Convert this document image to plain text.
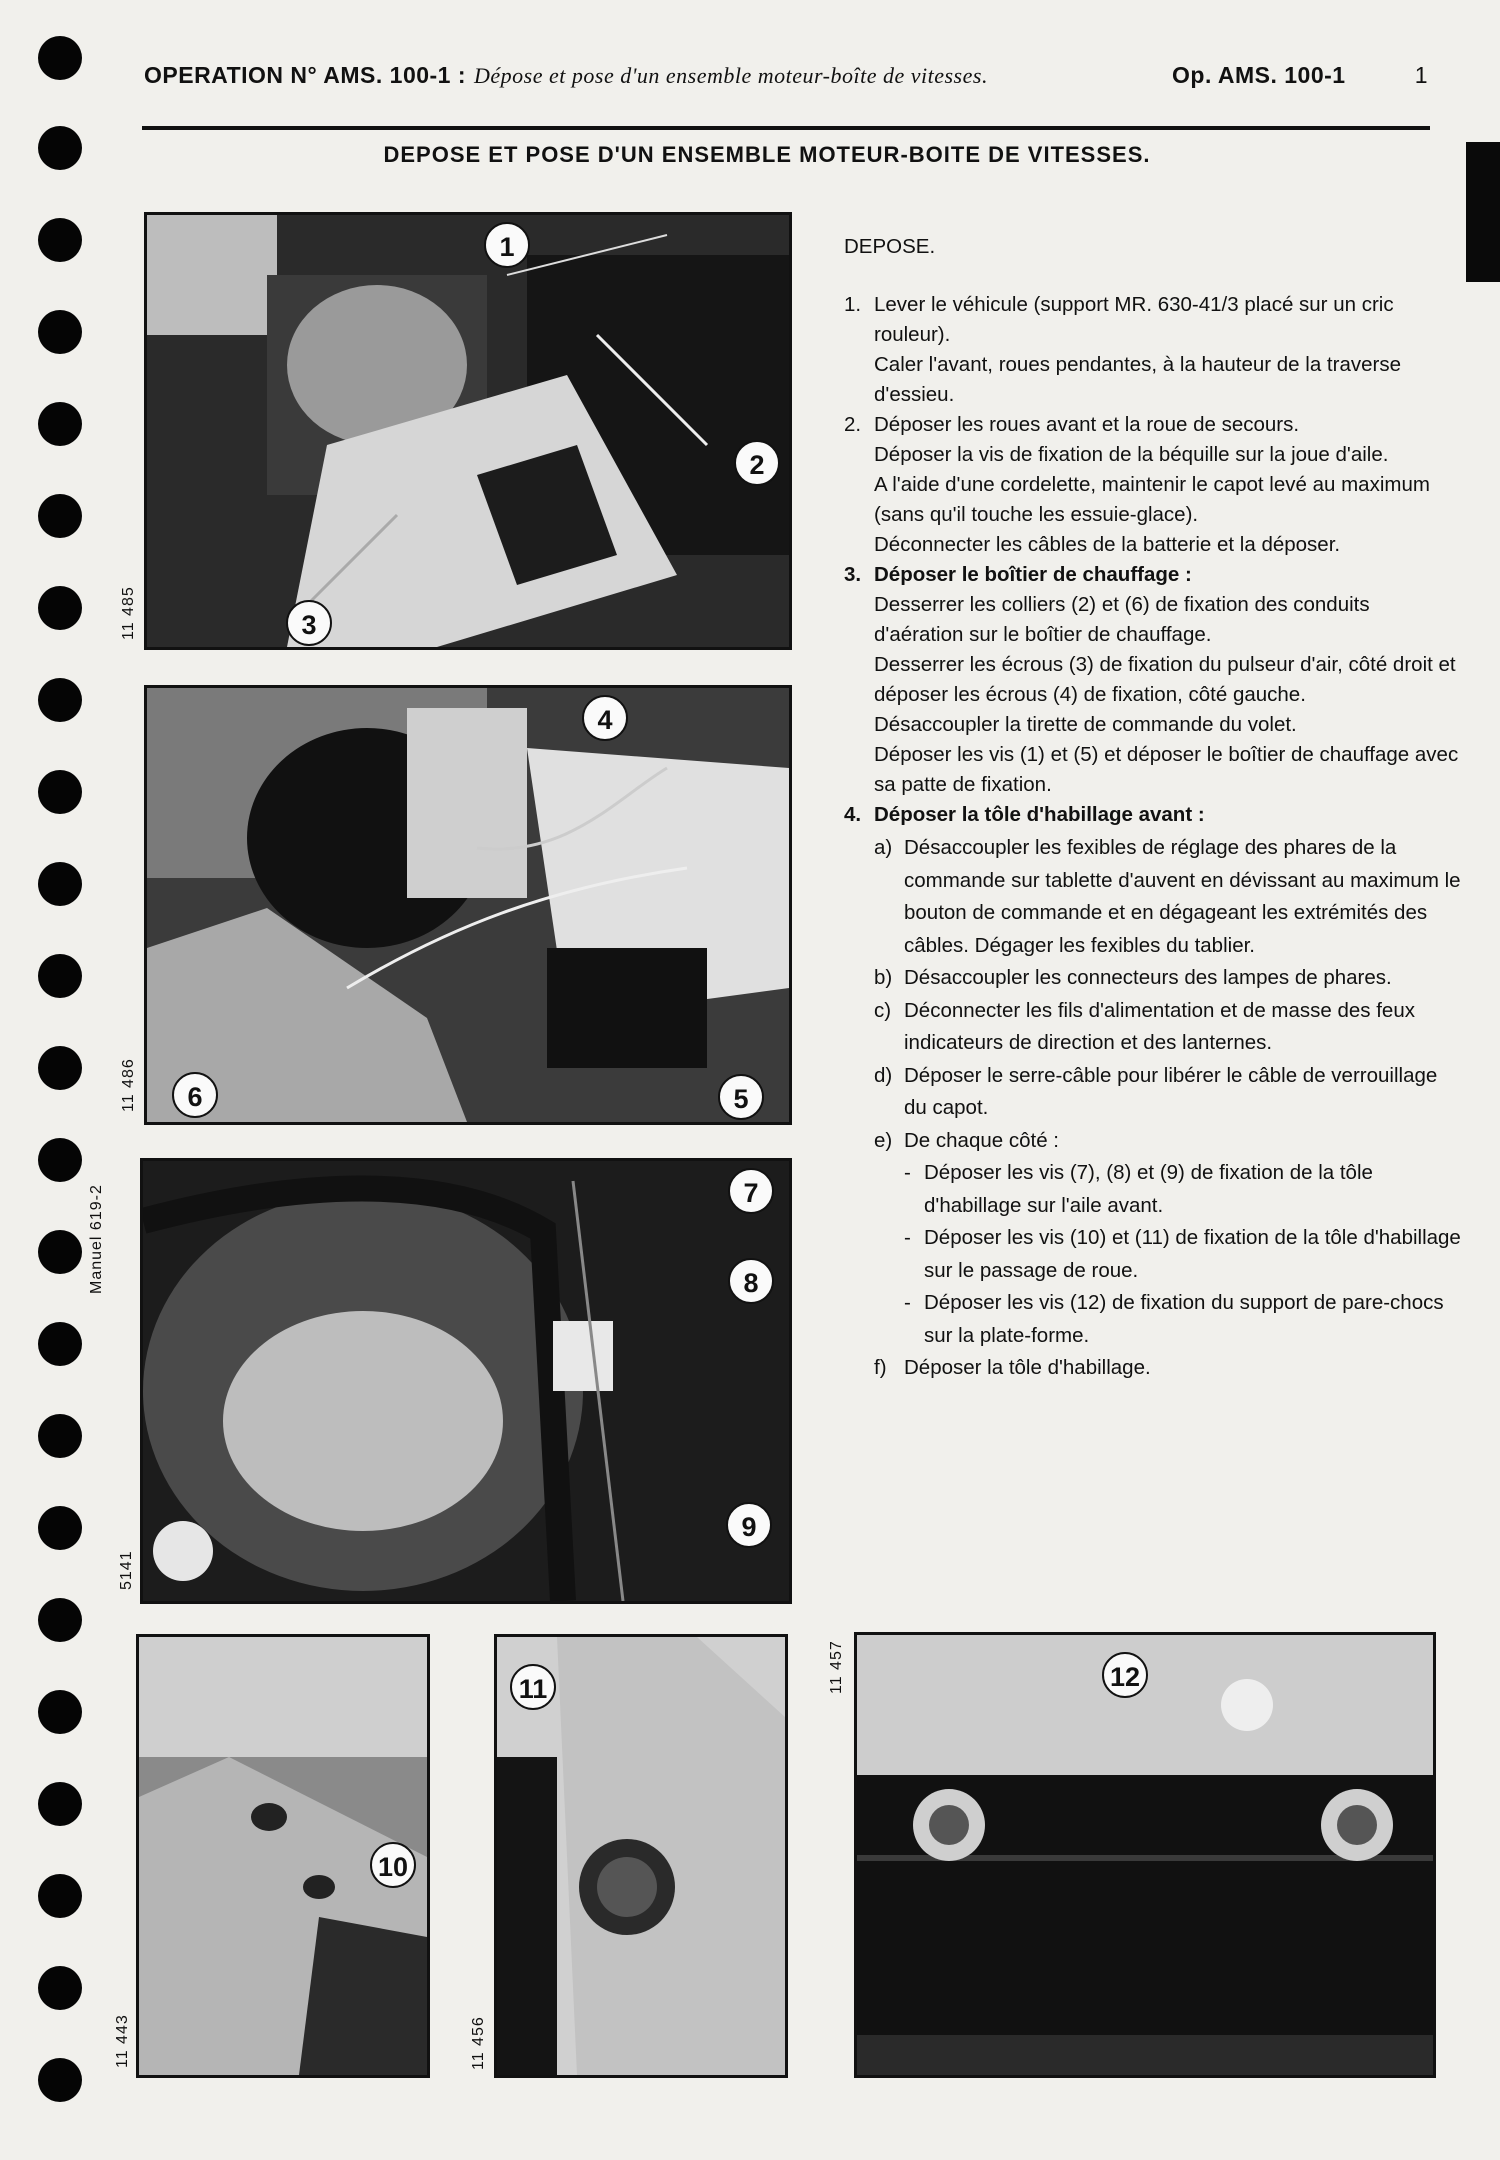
OPERATION N° AMS. 100-1 : Dépose et pose d'un ensemble moteur-boîte de vitesses.	Op. AMS. 100-1	1
DEPOSE ET POSE D'UN ENSEMBLE MOTEUR-BOITE DE VITESSES.
1
2
3
11 485
4
6	5
11 486
7
8
9
5141
10
11 443
11
11 456
12
11 457
Manuel 619-2

DEPOSE.

1. Lever le véhicule (support MR. 630-41/3 placé sur un cric rouleur).

Caler l'avant, roues pendantes, à la hauteur de la traverse d'essieu.

2. Déposer les roues avant et la roue de secours.

Déposer la vis de fixation de la béquille sur la joue d'aile.

A l'aide d'une cordelette, maintenir le capot levé au maximum (sans qu'il touche les essuie-glace).

Déconnecter les câbles de la batterie et la déposer.

3. Déposer le boîtier de chauffage :

Desserrer les colliers (2) et (6) de fixation des conduits d'aération sur le boîtier de chauffage.

Desserrer les écrous (3) de fixation du pulseur d'air, côté droit et déposer les écrous (4) de fixation, côté gauche.

Désaccoupler la tirette de commande du volet.

Déposer les vis (1) et (5) et déposer le boîtier de chauffage avec sa patte de fixation.

4. Déposer la tôle d'habillage avant :

a) Désaccoupler les fexibles de réglage des phares de la commande sur tablette d'auvent en dévissant au maximum le bouton de commande et en dégageant les extrémités des câbles. Dégager les fexibles du tablier.
b) Désaccoupler les connecteurs des lampes de phares.
c) Déconnecter les fils d'alimentation et de masse des feux indicateurs de direction et des lanternes.
d) Déposer le serre-câble pour libérer le câble de verrouillage du capot.
e) De chaque côté :
- Déposer les vis (7), (8) et (9) de fixation de la tôle d'habillage sur l'aile avant.
- Déposer les vis (10) et (11) de fixation de la tôle d'habillage sur le passage de roue.
- Déposer les vis (12) de fixation du support de pare-chocs sur la plate-forme.
f) Déposer la tôle d'habillage.
